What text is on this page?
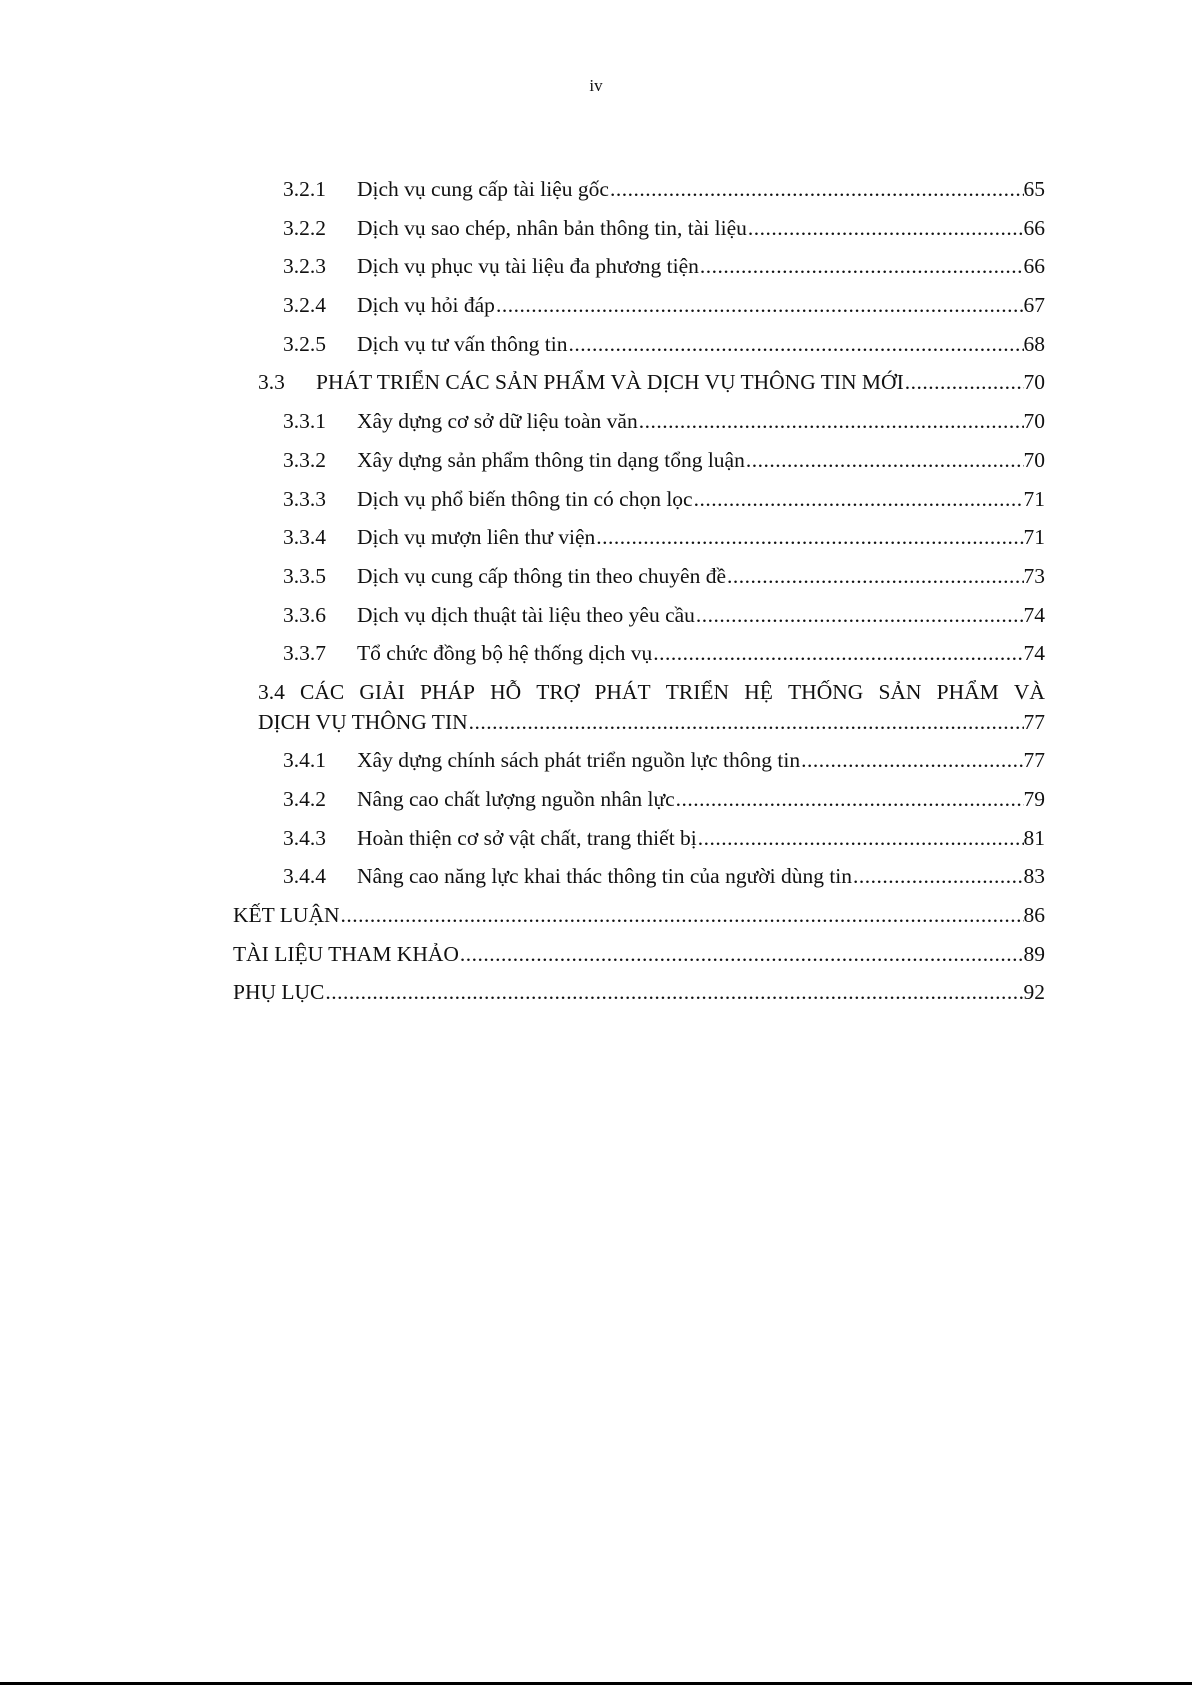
iv
3.2.1	Dịch vụ cung cấp tài liệu gốc .....	65
3.2.2	Dịch vụ sao chép, nhân bản thông tin, tài liệu .....	66
3.2.3	Dịch vụ phục vụ tài liệu đa phương tiện .....	66
3.2.4	Dịch vụ hỏi đáp .....	67
3.2.5	Dịch vụ tư vấn thông tin .....	68
3.3	PHÁT TRIỂN CÁC SẢN PHẨM VÀ DỊCH VỤ THÔNG TIN MỚI .....	70
3.3.1	Xây dựng cơ sở dữ liệu toàn văn .....	70
3.3.2	Xây dựng sản phẩm thông tin dạng tổng luận .....	70
3.3.3	Dịch vụ phổ biến thông tin có chọn lọc .....	71
3.3.4	Dịch vụ mượn liên thư viện .....	71
3.3.5	Dịch vụ cung cấp thông tin theo chuyên đề .....	73
3.3.6	Dịch vụ dịch thuật tài liệu theo yêu cầu .....	74
3.3.7	Tổ chức đồng bộ hệ thống dịch vụ .....	74
3.4 CÁC GIẢI PHÁP HỖ TRỢ PHÁT TRIỂN HỆ THỐNG SẢN PHẨM VÀ
DỊCH VỤ THÔNG TIN .....	77
3.4.1	Xây dựng chính sách phát triển nguồn lực thông tin .....	77
3.4.2	Nâng cao chất lượng nguồn nhân lực .....	79
3.4.3	Hoàn thiện cơ sở vật chất, trang thiết bị .....	81
3.4.4	Nâng cao năng lực khai thác thông tin của người dùng tin .....	83
KẾT LUẬN .....	86
TÀI LIỆU THAM KHẢO .....	89
PHỤ LỤC .....	92
